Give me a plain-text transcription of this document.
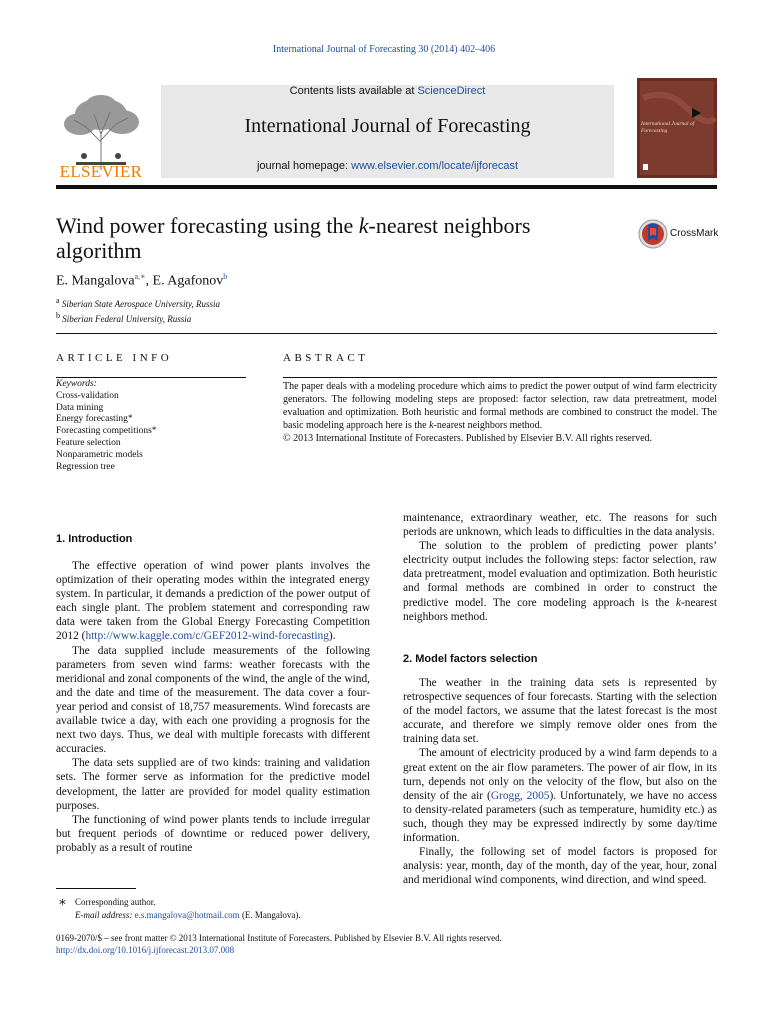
International Journal of Forecasting 30 (2014) 402–406
ELSEVIER
Contents lists available at ScienceDirect
International Journal of Forecasting
journal homepage: www.elsevier.com/locate/ijforecast
International Journal of Forecasting
Wind power forecasting using the k-nearest neighbors algorithm
CrossMark
E. Mangalova$^{a,∗}$, E. Agafonov$^b$
$^a$ Siberian State Aerospace University, Russia
$^b$ Siberian Federal University, Russia
ARTICLE INFO	ABSTRACT
Keywords:
Cross-validation
Data mining
Energy forecasting*
Forecasting competitions*
Feature selection
Nonparametric models
Regression tree
The paper deals with a modeling procedure which aims to predict the power output of wind farm electricity generators. The following modeling steps are proposed: factor selection, raw data pretreatment, model evaluation and optimization. Both heuristic and formal methods are combined to construct the model. The basic modeling approach here is the k-nearest neighbors method.
© 2013 International Institute of Forecasters. Published by Elsevier B.V. All rights reserved.
1. Introduction

The effective operation of wind power plants involves the optimization of their operating modes within the integrated energy system. In particular, it demands a prediction of the power output of each single plant. The problem statement and corresponding raw data were taken from the Global Energy Forecasting Competition 2012 (http://www.kaggle.com/c/GEF2012-wind-forecasting).

The data supplied include measurements of the following parameters from seven wind farms: weather forecasts with the meridional and zonal components of the wind, the angle of the wind, and the date and time of the measurement. The data cover a four-year period and consist of 18,757 measurements. Wind forecasts are available twice a day, with each one providing a prognosis for the next two days. Thus, we deal with multiple forecasts with different accuracies.

The data sets supplied are of two kinds: training and validation sets. The former serve as information for the predictive model development, the latter are provided for model quality estimation purposes.

The functioning of wind power plants tends to include irregular but frequent periods of downtime or reduced power delivery, probably as a result of routine

maintenance, extraordinary weather, etc. The reasons for such periods are unknown, which leads to difficulties in the data analysis.

The solution to the problem of predicting power plants’ electricity output includes the following steps: factor selection, raw data pretreatment, model evaluation and optimization. Both heuristic and formal methods are combined in order to construct the predictive model. The core modeling approach is the k-nearest neighbors method.

2. Model factors selection

The weather in the training data sets is represented by retrospective sequences of four forecasts. Starting with the selection of the model factors, we assume that the latest forecast is the most accurate, and therefore we simply remove older ones from the training data set.

The amount of electricity produced by a wind farm depends to a great extent on the air flow parameters. The power of air flow, in its turn, depends not only on the velocity of the flow, but also on the density of the air (Grogg, 2005). Unfortunately, we have no access to density-related parameters (such as temperature, humidity etc.) as such, though they may be expressed indirectly by some day/time information.

Finally, the following set of model factors is proposed for analysis: year, month, day of the month, day of the year, hour, zonal and meridional wind components, wind direction, and wind speed.

∗ Corresponding author.
E-mail address: e.s.mangalova@hotmail.com (E. Mangalova).
0169-2070/$ – see front matter © 2013 International Institute of Forecasters. Published by Elsevier B.V. All rights reserved.
http://dx.doi.org/10.1016/j.ijforecast.2013.07.008
